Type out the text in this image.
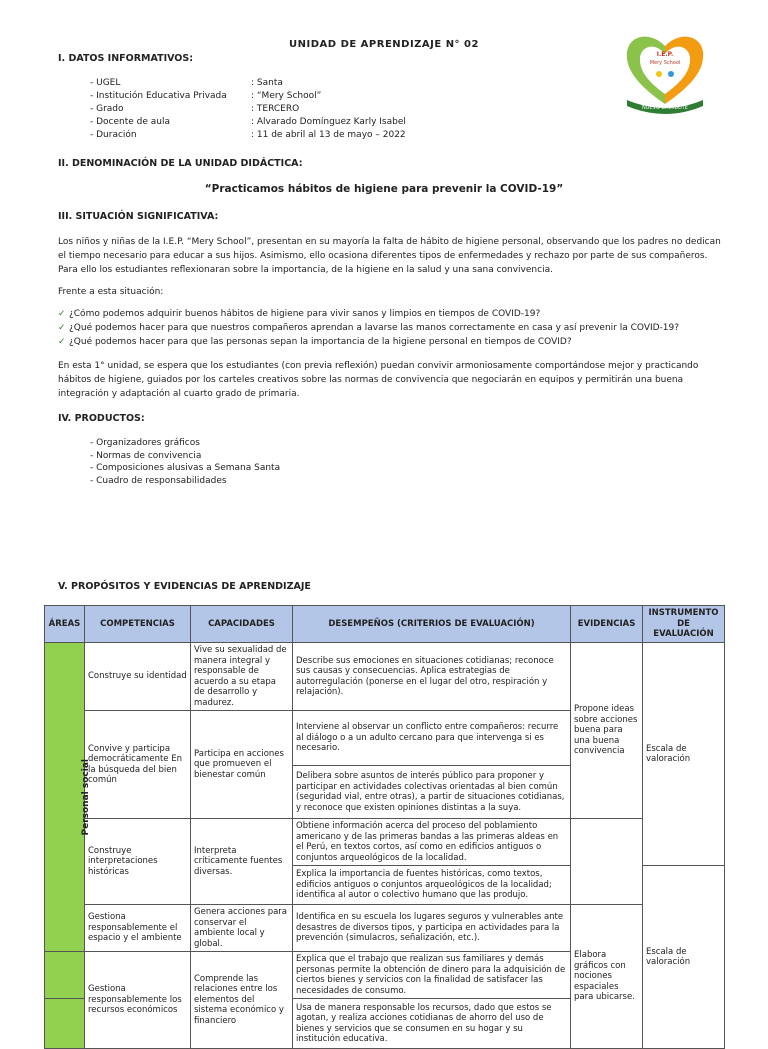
UNIDAD DE APRENDIZAJE N° 02
I.E.P.
Mery School
NUEVO CHIMBOTE
I. DATOS INFORMATIVOS:
- UGEL	: Santa
- Institución Educativa Privada	: “Mery School”
- Grado	: TERCERO
- Docente de aula	: Alvarado Domínguez Karly Isabel
- Duración	: 11 de abril al 13 de mayo – 2022
II. DENOMINACIÓN DE LA UNIDAD DIDÁCTICA:
“Practicamos hábitos de higiene para prevenir la COVID-19”
III. SITUACIÓN SIGNIFICATIVA:
Los niños y niñas de la I.E.P. “Mery School”, presentan en su mayoría la falta de hábito de higiene personal, observando que los padres no dedican el tiempo necesario para educar a sus hijos. Asimismo, ello ocasiona diferentes tipos de enfermedades y rechazo por parte de sus compañeros. Para ello los estudiantes reflexionaran sobre la importancia, de la higiene en la salud y una sana convivencia.
Frente a esta situación:
✓ ¿Cómo podemos adquirir buenos hábitos de higiene para vivir sanos y limpios en tiempos de COVID-19?
✓ ¿Qué podemos hacer para que nuestros compañeros aprendan a lavarse las manos correctamente en casa y así prevenir la COVID-19?
✓ ¿Qué podemos hacer para que las personas sepan la importancia de la higiene personal en tiempos de COVID?
En esta 1° unidad, se espera que los estudiantes (con previa reflexión) puedan convivir armoniosamente comportándose mejor y practicando hábitos de higiene, guiados por los carteles creativos sobre las normas de convivencia que negociarán en equipos y permitirán una buena integración y adaptación al cuarto grado de primaria.
IV. PRODUCTOS:
- Organizadores gráficos
- Normas de convivencia
- Composiciones alusivas a Semana Santa
- Cuadro de responsabilidades
V. PROPÓSITOS Y EVIDENCIAS DE APRENDIZAJE
ÁREAS	COMPETENCIAS	CAPACIDADES	DESEMPEÑOS (CRITERIOS DE EVALUACIÓN)	EVIDENCIAS	INSTRUMENTO DE EVALUACIÓN
Personal social	Construye su identidad	Vive su sexualidad de manera integral y responsable de acuerdo a su etapa de desarrollo y madurez.	Describe sus emociones en situaciones cotidianas; reconoce sus causas y consecuencias. Aplica estrategias de autorregulación (ponerse en el lugar del otro, respiración y relajación).	Propone ideas sobre acciones buena para una buena convivencia	Escala de valoración
	Convive y participa democráticamente En la búsqueda del bien común	Participa en acciones que promueven el bienestar común	Interviene al observar un conflicto entre compañeros: recurre al diálogo o a un adulto cercano para que intervenga si es necesario.		
			Delibera sobre asuntos de interés público para proponer y participar en actividades colectivas orientadas al bien común (seguridad vial, entre otras), a partir de situaciones cotidianas, y reconoce que existen opiniones distintas a la suya.		
	Construye interpretaciones históricas	Interpreta críticamente fuentes diversas.	Obtiene información acerca del proceso del poblamiento americano y de las primeras bandas a las primeras aldeas en el Perú, en textos cortos, así como en edificios antiguos o conjuntos arqueológicos de la localidad.		
			Explica la importancia de fuentes históricas, como textos, edificios antiguos o conjuntos arqueológicos de la localidad; identifica al autor o colectivo humano que las produjo.		Escala de valoración
	Gestiona responsablemente el espacio y el ambiente	Genera acciones para conservar el ambiente local y global.	Identifica en su escuela los lugares seguros y vulnerables ante desastres de diversos tipos, y participa en actividades para la prevención (simulacros, señalización, etc.).	Elabora gráficos con nociones espaciales para ubicarse.	
	Gestiona responsablemente los recursos económicos	Comprende las relaciones entre los elementos del sistema económico y financiero	Explica que el trabajo que realizan sus familiares y demás personas permite la obtención de dinero para la adquisición de ciertos bienes y servicios con la finalidad de satisfacer las necesidades de consumo.		
			Usa de manera responsable los recursos, dado que estos se agotan, y realiza acciones cotidianas de ahorro del uso de bienes y servicios que se consumen en su hogar y su institución educativa.		
